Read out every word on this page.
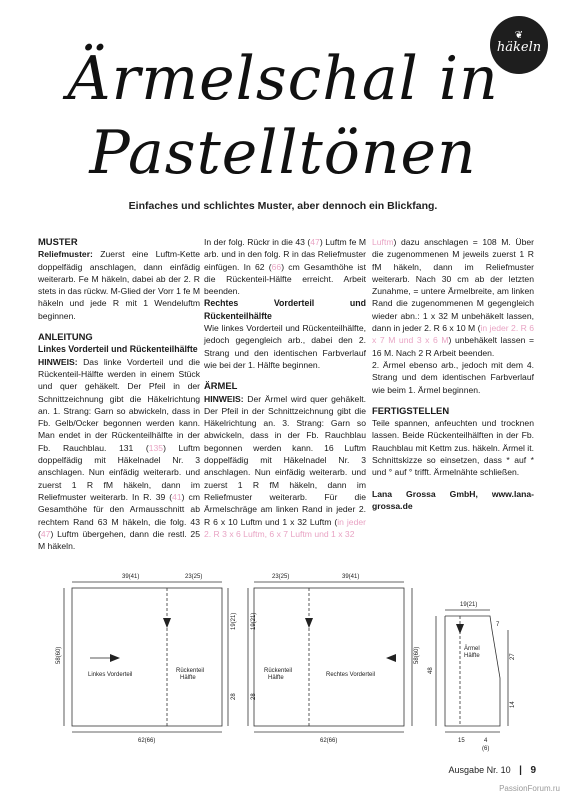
❦
häkeln
Ärmelschal in
Pastelltönen
Einfaches und schlichtes Muster, aber dennoch ein Blickfang.

MUSTER

Reliefmuster: Zuerst eine Luftm-Kette doppelfädig anschlagen, dann einfädig weiterarb. Fe M häkeln, dabei ab der 2. R stets in das rückw. M-Glied der Vorr 1 fe M häkeln und jede R mit 1 Wendeluftm beginnen.

ANLEITUNG

Linkes Vorderteil und Rückenteilhälfte

HINWEIS: Das linke Vorderteil und die Rückenteil-Hälfte werden in einem Stück und quer gehäkelt. Der Pfeil in der Schnittzeichnung gibt die Häkelrichtung an. 1. Strang: Garn so abwickeln, dass in Fb. Gelb/Ocker begonnen werden kann. Man endet in der Rückenteilhälfte in der Fb. Rauchblau. 131 (135) Luftm doppelfädig mit Häkelnadel Nr. 3 anschlagen. Nun einfädig weiterarb. und zuerst 1 R fM häkeln, dann im Reliefmuster weiterarb. In R. 39 (41) cm Gesamthöhe für den Armausschnitt ab rechtem Rand 63 M häkeln, die folg. 43 (47) Luftm übergehen, dann die restl. 25 M häkeln.

In der folg. Rückr in die 43 (47) Luftm fe M arb. und in den folg. R in das Reliefmuster einfügen. In 62 (66) cm Gesamthöhe ist die Rückenteil-Hälfte erreicht. Arbeit beenden.

Rechtes Vorderteil und Rückenteilhälfte

Wie linkes Vorderteil und Rückenteilhälfte, jedoch gegengleich arb., dabei den 2. Strang und den identischen Farbverlauf wie bei der 1. Hälfte beginnen.

ÄRMEL

HINWEIS: Der Ärmel wird quer gehäkelt. Der Pfeil in der Schnittzeichnung gibt die Häkelrichtung an. 3. Strang: Garn so abwickeln, dass in der Fb. Rauchblau begonnen werden kann. 16 Luftm doppelfädig mit Häkelnadel Nr. 3 anschlagen. Nun einfädig weiterarb. und zuerst 1 R fM häkeln, dann im Reliefmuster weiterarb. Für die Ärmelschräge am linken Rand in jeder 2. R 6 x 10 Luftm und 1 x 32 Luftm (in jeder 2. R 3 x 6 Luftm, 6 x 7 Luftm und 1 x 32

Luftm) dazu anschlagen = 108 M. Über die zugenommenen M jeweils zuerst 1 R fM häkeln, dann im Reliefmuster weiterarb. Nach 30 cm ab der letzten Zunahme, = untere Ärmelbreite, am linken Rand die zugenommenen M gegengleich wieder abn.: 1 x 32 M unbehäkelt lassen, dann in jeder 2. R 6 x 10 M (in jeder 2. R 6 x 7 M und 3 x 6 M) unbehäkelt lassen = 16 M. Nach 2 R Arbeit beenden.

2. Ärmel ebenso arb., jedoch mit dem 4. Strang und dem identischen Farbverlauf wie beim 1. Ärmel beginnen.

FERTIGSTELLEN

Teile spannen, anfeuchten und trocknen lassen. Beide Rückenteilhälften in der Fb. Rauchblau mit Kettm zus. häkeln. Ärmel it. Schnittskizze so einsetzen, dass * auf * und ° auf ° trifft. Ärmelnähte schließen.

Lana Grossa GmbH, www.lana-grossa.de

39(41)	23(25)
58(60)
Linkes Vorderteil
Rückenteil
Hälfte
62(66)
19(21)
28
19(21)
28
23(25)	39(41)
58(60)
Rückenteil
Hälfte	Rechtes Vorderteil
62(66)
19(21)
7
Ärmel
Hälfte
48
27
14
15	4
(6)
Ausgabe Nr. 10 | 9
PassionForum.ru
